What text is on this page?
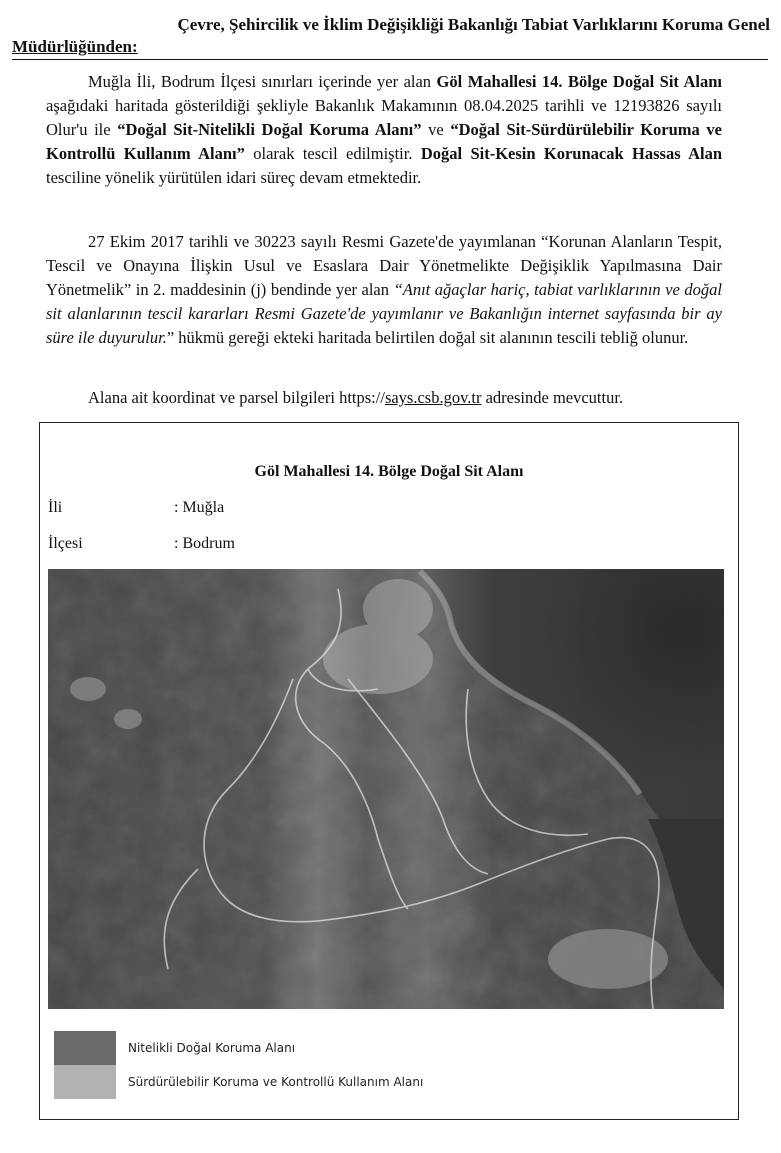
Çevre, Şehircilik ve İklim Değişikliği Bakanlığı Tabiat Varlıklarını Koruma Genel
Müdürlüğünden:
Muğla İli, Bodrum İlçesi sınırları içerinde yer alan Göl Mahallesi 14. Bölge Doğal Sit Alanı aşağıdaki haritada gösterildiği şekliyle Bakanlık Makamının 08.04.2025 tarihli ve 12193826 sayılı Olur'u ile “Doğal Sit-Nitelikli Doğal Koruma Alanı” ve “Doğal Sit-Sürdürülebilir Koruma ve Kontrollü Kullanım Alanı” olarak tescil edilmiştir. Doğal Sit-Kesin Korunacak Hassas Alan tesciline yönelik yürütülen idari süreç devam etmektedir.
27 Ekim 2017 tarihli ve 30223 sayılı Resmi Gazete'de yayımlanan “Korunan Alanların Tespit, Tescil ve Onayına İlişkin Usul ve Esaslara Dair Yönetmelikte Değişiklik Yapılmasına Dair Yönetmelik” in 2. maddesinin (j) bendinde yer alan “Anıt ağaçlar hariç, tabiat varlıklarının ve doğal sit alanlarının tescil kararları Resmi Gazete'de yayımlanır ve Bakanlığın internet sayfasında bir ay süre ile duyurulur.” hükmü gereği ekteki haritada belirtilen doğal sit alanının tescili tebliğ olunur.
Alana ait koordinat ve parsel bilgileri https://says.csb.gov.tr adresinde mevcuttur.
Göl Mahallesi 14. Bölge Doğal Sit Alanı
İli	: Muğla
İlçesi	: Bodrum
Nitelikli Doğal Koruma Alanı
Sürdürülebilir Koruma ve Kontrollü Kullanım Alanı
